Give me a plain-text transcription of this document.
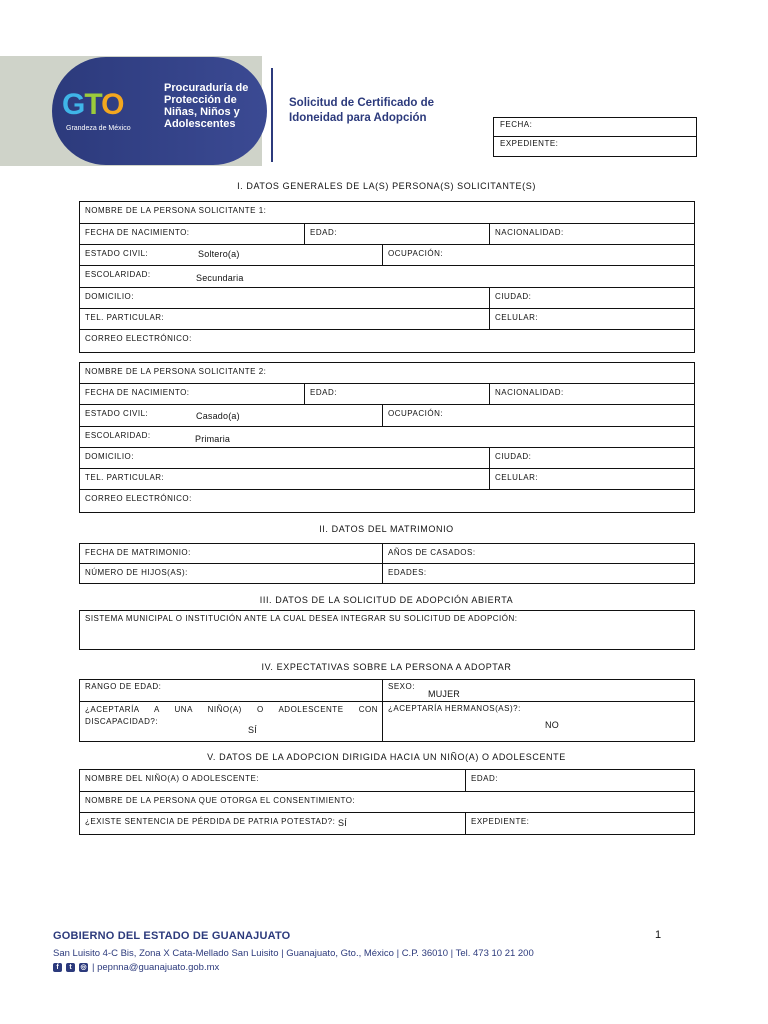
GTO
Grandeza de México
Procuraduría de Protección de Niñas, Niños y Adolescentes
Solicitud de Certificado de Idoneidad para Adopción
FECHA:
EXPEDIENTE:
I. DATOS GENERALES DE LA(S) PERSONA(S) SOLICITANTE(S)
NOMBRE DE LA PERSONA SOLICITANTE 1:
FECHA DE NACIMIENTO:	EDAD:	NACIONALIDAD:
ESTADO CIVIL:	Soltero(a)	OCUPACIÓN:
ESCOLARIDAD:	Secundaria
DOMICILIO:	CIUDAD:
TEL. PARTICULAR:	CELULAR:
CORREO ELECTRÓNICO:
NOMBRE DE LA PERSONA SOLICITANTE 2:
FECHA DE NACIMIENTO:	EDAD:	NACIONALIDAD:
ESTADO CIVIL:	Casado(a)	OCUPACIÓN:
ESCOLARIDAD:	Primaria
DOMICILIO:	CIUDAD:
TEL. PARTICULAR:	CELULAR:
CORREO ELECTRÓNICO:
II. DATOS DEL MATRIMONIO
FECHA DE MATRIMONIO:	AÑOS DE CASADOS:
NÚMERO DE HIJOS(AS):	EDADES:
III. DATOS DE LA SOLICITUD DE ADOPCIÓN ABIERTA
SISTEMA MUNICIPAL O INSTITUCIÓN ANTE LA CUAL DESEA INTEGRAR SU SOLICITUD DE ADOPCIÓN:
IV. EXPECTATIVAS SOBRE LA PERSONA A ADOPTAR
RANGO DE EDAD:	SEXO:
MUJER
¿ACEPTARÍA A UNA NIÑO(A) O ADOLESCENTE CON DISCAPACIDAD?:
SÍ
¿ACEPTARÍA HERMANOS(AS)?:
NO
V. DATOS DE LA ADOPCION DIRIGIDA HACIA UN NIÑO(A) O ADOLESCENTE
NOMBRE DEL NIÑO(A) O ADOLESCENTE:	EDAD:
NOMBRE DE LA PERSONA QUE OTORGA EL CONSENTIMIENTO:
¿EXISTE SENTENCIA DE PÉRDIDA DE PATRIA POTESTAD?: SÍ	EXPEDIENTE:
1
GOBIERNO DEL ESTADO DE GUANAJUATO
San Luisito 4-C Bis, Zona X Cata-Mellado San Luisito | Guanajuato, Gto., México | C.P. 36010 | Tel. 473 10 21 200
f	t	◎ | pepnna@guanajuato.gob.mx
